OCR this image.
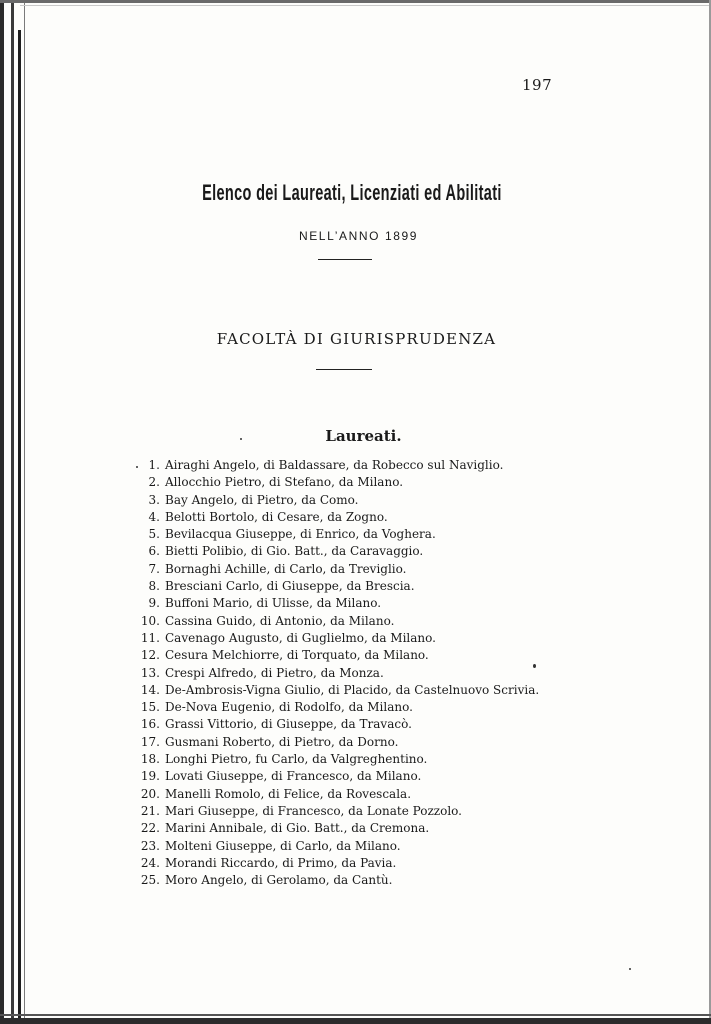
197
Elenco dei Laureati, Licenziati ed Abilitati
NELL’ANNO 1899
FACOLTÀ DI GIURISPRUDENZA
Laureati.
1. Airaghi Angelo, di Baldassare, da Robecco sul Naviglio.
2. Allocchio Pietro, di Stefano, da Milano.
3. Bay Angelo, di Pietro, da Como.
4. Belotti Bortolo, di Cesare, da Zogno.
5. Bevilacqua Giuseppe, di Enrico, da Voghera.
6. Bietti Polibio, di Gio. Batt., da Caravaggio.
7. Bornaghi Achille, di Carlo, da Treviglio.
8. Bresciani Carlo, di Giuseppe, da Brescia.
9. Buffoni Mario, di Ulisse, da Milano.
10. Cassina Guido, di Antonio, da Milano.
11. Cavenago Augusto, di Guglielmo, da Milano.
12. Cesura Melchiorre, di Torquato, da Milano.
13. Crespi Alfredo, di Pietro, da Monza.
14. De-Ambrosis-Vigna Giulio, di Placido, da Castelnuovo Scrivia.
15. De-Nova Eugenio, di Rodolfo, da Milano.
16. Grassi Vittorio, di Giuseppe, da Travacò.
17. Gusmani Roberto, di Pietro, da Dorno.
18. Longhi Pietro, fu Carlo, da Valgreghentino.
19. Lovati Giuseppe, di Francesco, da Milano.
20. Manelli Romolo, di Felice, da Rovescala.
21. Mari Giuseppe, di Francesco, da Lonate Pozzolo.
22. Marini Annibale, di Gio. Batt., da Cremona.
23. Molteni Giuseppe, di Carlo, da Milano.
24. Morandi Riccardo, di Primo, da Pavia.
25. Moro Angelo, di Gerolamo, da Cantù.
